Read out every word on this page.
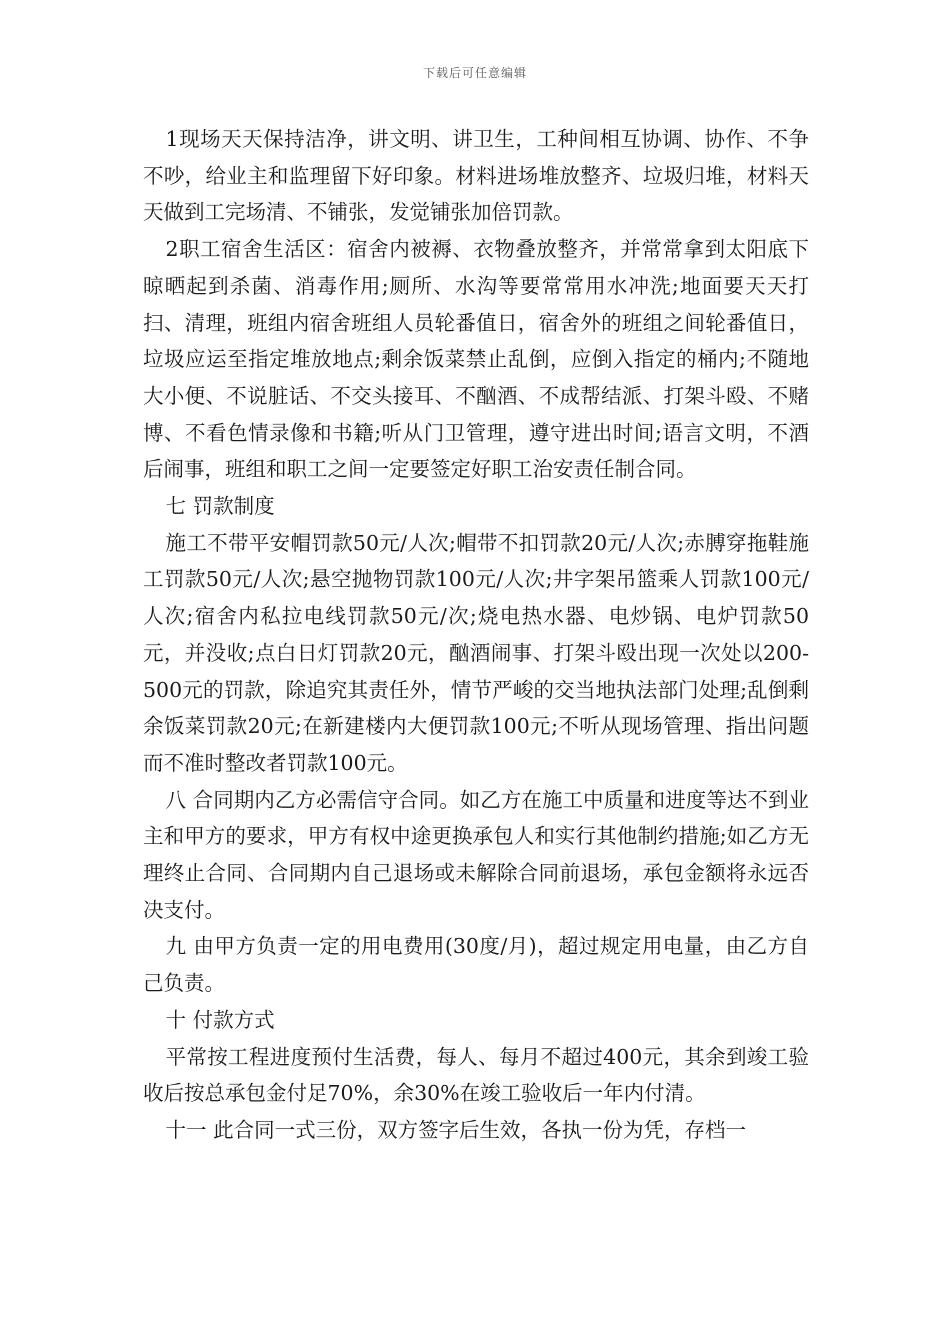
下载后可任意编辑

1现场天天保持洁净，讲文明、讲卫生，工种间相互协调、协作、不争不吵，给业主和监理留下好印象。材料进场堆放整齐、垃圾归堆，材料天天做到工完场清、不铺张，发觉铺张加倍罚款。

2职工宿舍生活区：宿舍内被褥、衣物叠放整齐，并常常拿到太阳底下晾晒起到杀菌、消毒作用;厕所、水沟等要常常用水冲洗;地面要天天打扫、清理，班组内宿舍班组人员轮番值日，宿舍外的班组之间轮番值日，垃圾应运至指定堆放地点;剩余饭菜禁止乱倒，应倒入指定的桶内;不随地大小便、不说脏话、不交头接耳、不酗酒、不成帮结派、打架斗殴、不赌博、不看色情录像和书籍;听从门卫管理，遵守进出时间;语言文明，不酒后闹事，班组和职工之间一定要签定好职工治安责任制合同。

七 罚款制度

施工不带平安帽罚款50元/人次;帽带不扣罚款20元/人次;赤膊穿拖鞋施工罚款50元/人次;悬空抛物罚款100元/人次;井字架吊篮乘人罚款100元/人次;宿舍内私拉电线罚款50元/次;烧电热水器、电炒锅、电炉罚款50元，并没收;点白日灯罚款20元，酗酒闹事、打架斗殴出现一次处以200-500元的罚款，除追究其责任外，情节严峻的交当地执法部门处理;乱倒剩余饭菜罚款20元;在新建楼内大便罚款100元;不听从现场管理、指出问题而不准时整改者罚款100元。

八 合同期内乙方必需信守合同。如乙方在施工中质量和进度等达不到业主和甲方的要求，甲方有权中途更换承包人和实行其他制约措施;如乙方无理终止合同、合同期内自己退场或未解除合同前退场，承包金额将永远否决支付。

九 由甲方负责一定的用电费用(30度/月)，超过规定用电量，由乙方自己负责。

十 付款方式

平常按工程进度预付生活费，每人、每月不超过400元，其余到竣工验收后按总承包金付足70%，余30%在竣工验收后一年内付清。

十一 此合同一式三份，双方签字后生效，各执一份为凭，存档一
